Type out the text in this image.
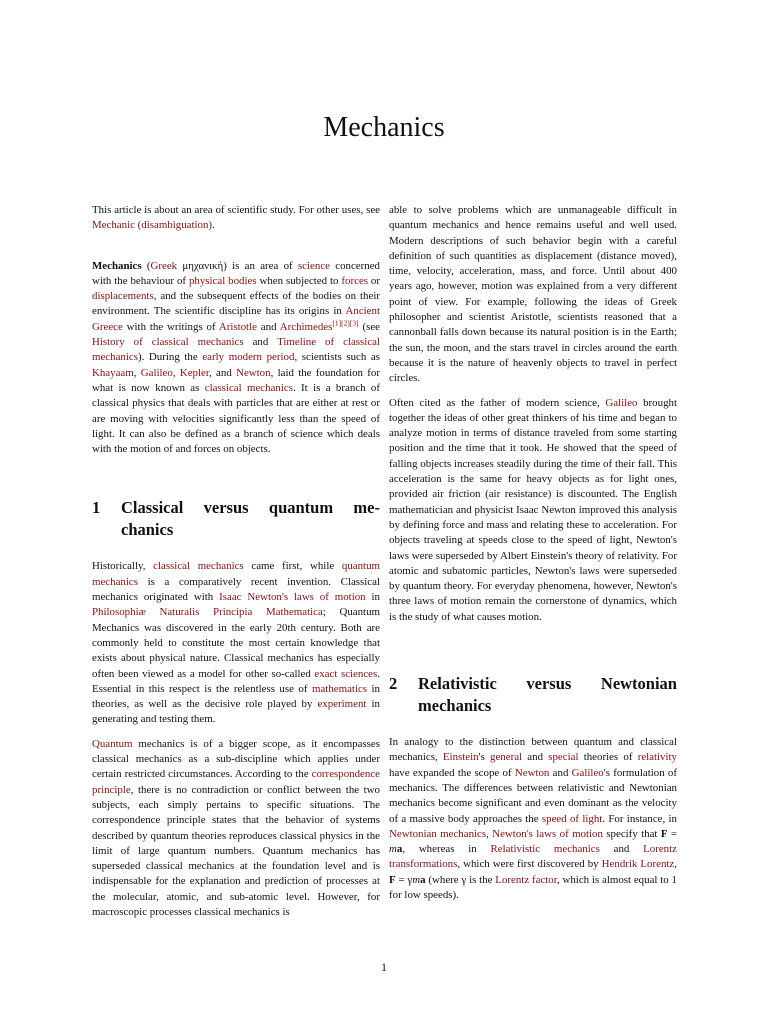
Mechanics

This article is about an area of scientific study. For other uses, see Mechanic (disambiguation).

Mechanics (Greek μηχανική) is an area of science concerned with the behaviour of physical bodies when subjected to forces or displacements, and the subsequent effects of the bodies on their environment. The scientific discipline has its origins in Ancient Greece with the writings of Aristotle and Archimedes[1][2][3] (see History of classical mechanics and Timeline of classical mechanics). During the early modern period, scientists such as Khayaam, Galileo, Kepler, and Newton, laid the foundation for what is now known as classical mechanics. It is a branch of classical physics that deals with particles that are either at rest or are moving with velocities significantly less than the speed of light. It can also be defined as a branch of science which deals with the motion of and forces on objects.

1	Classical versus quantum me-
chanics

Historically, classical mechanics came first, while quantum mechanics is a comparatively recent invention. Classical mechanics originated with Isaac Newton's laws of motion in Philosophiæ Naturalis Principia Mathematica; Quantum Mechanics was discovered in the early 20th century. Both are commonly held to constitute the most certain knowledge that exists about physical nature. Classical mechanics has especially often been viewed as a model for other so-called exact sciences. Essential in this respect is the relentless use of mathematics in theories, as well as the decisive role played by experiment in generating and testing them.

Quantum mechanics is of a bigger scope, as it encompasses classical mechanics as a sub-discipline which applies under certain restricted circumstances. According to the correspondence principle, there is no contradiction or conflict between the two subjects, each simply pertains to specific situations. The correspondence principle states that the behavior of systems described by quantum theories reproduces classical physics in the limit of large quantum numbers. Quantum mechanics has superseded classical mechanics at the foundation level and is indispensable for the explanation and prediction of processes at the molecular, atomic, and sub-atomic level. However, for macroscopic processes classical mechanics is

able to solve problems which are unmanageable difficult in quantum mechanics and hence remains useful and well used. Modern descriptions of such behavior begin with a careful definition of such quantities as displacement (distance moved), time, velocity, acceleration, mass, and force. Until about 400 years ago, however, motion was explained from a very different point of view. For example, following the ideas of Greek philosopher and scientist Aristotle, scientists reasoned that a cannonball falls down because its natural position is in the Earth; the sun, the moon, and the stars travel in circles around the earth because it is the nature of heavenly objects to travel in perfect circles.

Often cited as the father of modern science, Galileo brought together the ideas of other great thinkers of his time and began to analyze motion in terms of distance traveled from some starting position and the time that it took. He showed that the speed of falling objects increases steadily during the time of their fall. This acceleration is the same for heavy objects as for light ones, provided air friction (air resistance) is discounted. The English mathematician and physicist Isaac Newton improved this analysis by defining force and mass and relating these to acceleration. For objects traveling at speeds close to the speed of light, Newton's laws were superseded by Albert Einstein's theory of relativity. For atomic and subatomic particles, Newton's laws were superseded by quantum theory. For everyday phenomena, however, Newton's three laws of motion remain the cornerstone of dynamics, which is the study of what causes motion.

2	Relativistic versus Newtonian
mechanics

In analogy to the distinction between quantum and classical mechanics, Einstein's general and special theories of relativity have expanded the scope of Newton and Galileo's formulation of mechanics. The differences between relativistic and Newtonian mechanics become significant and even dominant as the velocity of a massive body approaches the speed of light. For instance, in Newtonian mechanics, Newton's laws of motion specify that F = ma, whereas in Relativistic mechanics and Lorentz transformations, which were first discovered by Hendrik Lorentz, F = γma (where γ is the Lorentz factor, which is almost equal to 1 for low speeds).

1
